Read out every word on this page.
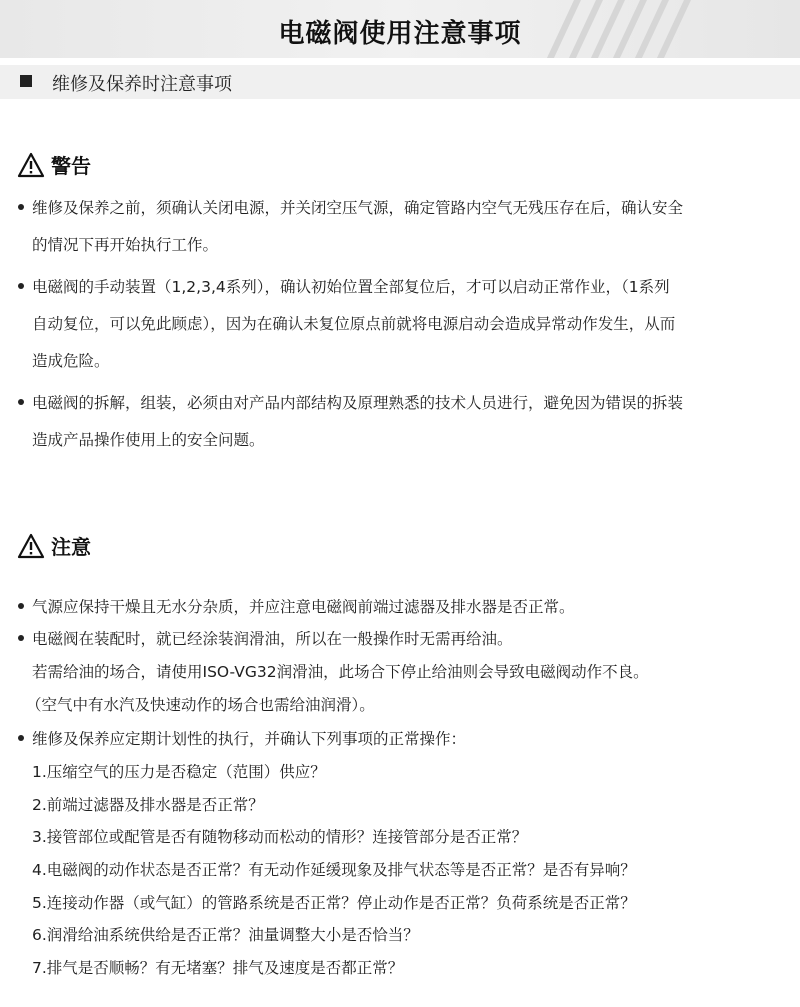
电磁阀使用注意事项
维修及保养时注意事项
警告
维修及保养之前，须确认关闭电源，并关闭空压气源，确定管路内空气无残压存在后，确认安全
的情况下再开始执行工作。
电磁阀的手动装置（1,2,3,4系列），确认初始位置全部复位后，才可以启动正常作业，（1系列
自动复位，可以免此顾虑），因为在确认未复位原点前就将电源启动会造成异常动作发生，从而
造成危险。
电磁阀的拆解，组装，必须由对产品内部结构及原理熟悉的技术人员进行，避免因为错误的拆装
造成产品操作使用上的安全问题。
注意
气源应保持干燥且无水分杂质，并应注意电磁阀前端过滤器及排水器是否正常。
电磁阀在装配时，就已经涂装润滑油，所以在一般操作时无需再给油。
若需给油的场合，请使用ISO-VG32润滑油，此场合下停止给油则会导致电磁阀动作不良。
（空气中有水汽及快速动作的场合也需给油润滑）。
维修及保养应定期计划性的执行，并确认下列事项的正常操作：
1.压缩空气的压力是否稳定（范围）供应？
2.前端过滤器及排水器是否正常？
3.接管部位或配管是否有随物移动而松动的情形？连接管部分是否正常？
4.电磁阀的动作状态是否正常？有无动作延缓现象及排气状态等是否正常？是否有异响？
5.连接动作器（或气缸）的管路系统是否正常？停止动作是否正常？负荷系统是否正常？
6.润滑给油系统供给是否正常？油量调整大小是否恰当？
7.排气是否顺畅？有无堵塞？排气及速度是否都正常？
